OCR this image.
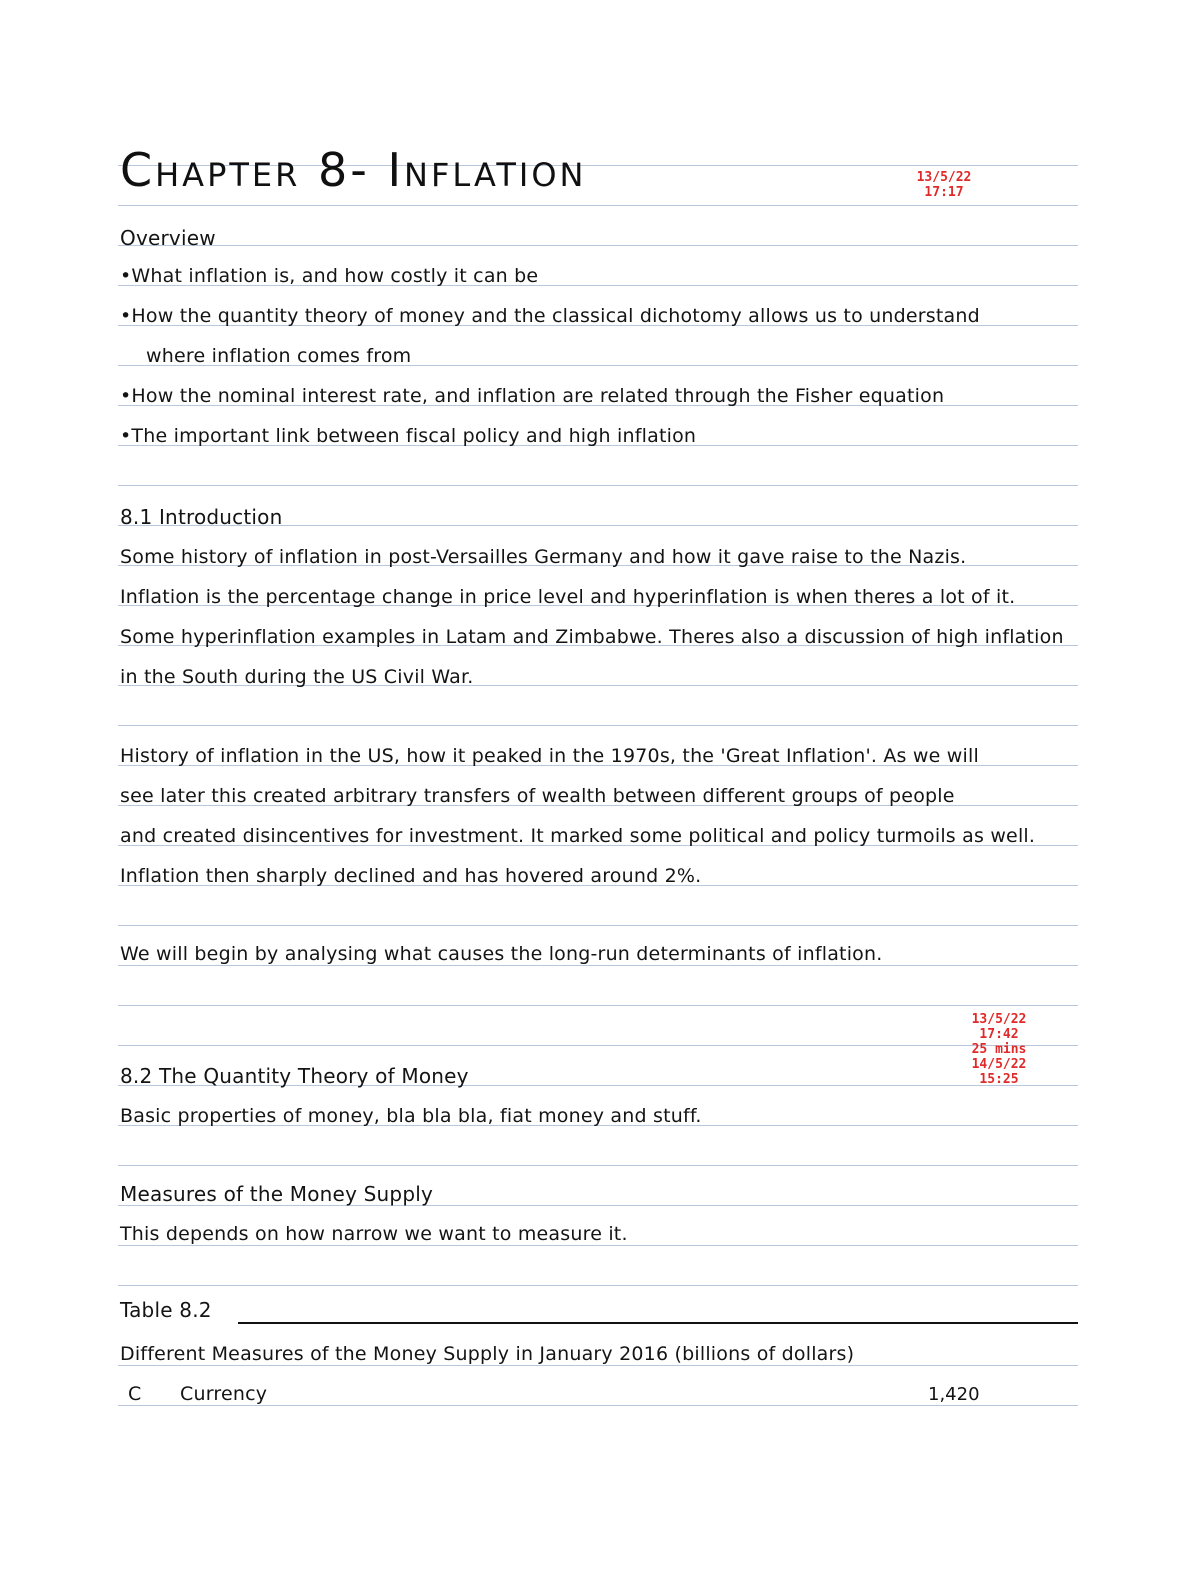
Chapter 8- Inflation	13/5/22
17:17
Overview
•What inflation is, and how costly it can be
•How the quantity theory of money and the classical dichotomy allows us to understand
where inflation comes from
•How the nominal interest rate, and inflation are related through the Fisher equation
•The important link between fiscal policy and high inflation
8.1 Introduction
Some history of inflation in post-Versailles Germany and how it gave raise to the Nazis.
Inflation is the percentage change in price level and hyperinflation is when theres a lot of it.
Some hyperinflation examples in Latam and Zimbabwe. Theres also a discussion of high inflation
in the South during the US Civil War.
History of inflation in the US, how it peaked in the 1970s, the 'Great Inflation'. As we will
see later this created arbitrary transfers of wealth between different groups of people
and created disincentives for investment. It marked some political and policy turmoils as well.
Inflation then sharply declined and has hovered around 2%.
We will begin by analysing what causes the long-run determinants of inflation.
13/5/22
17:42
25 mins
14/5/22
15:25
8.2 The Quantity Theory of Money
Basic properties of money, bla bla bla, fiat money and stuff.
Measures of the Money Supply
This depends on how narrow we want to measure it.
Table 8.2
Different Measures of the Money Supply in January 2016 (billions of dollars)
C	Currency	1,420
